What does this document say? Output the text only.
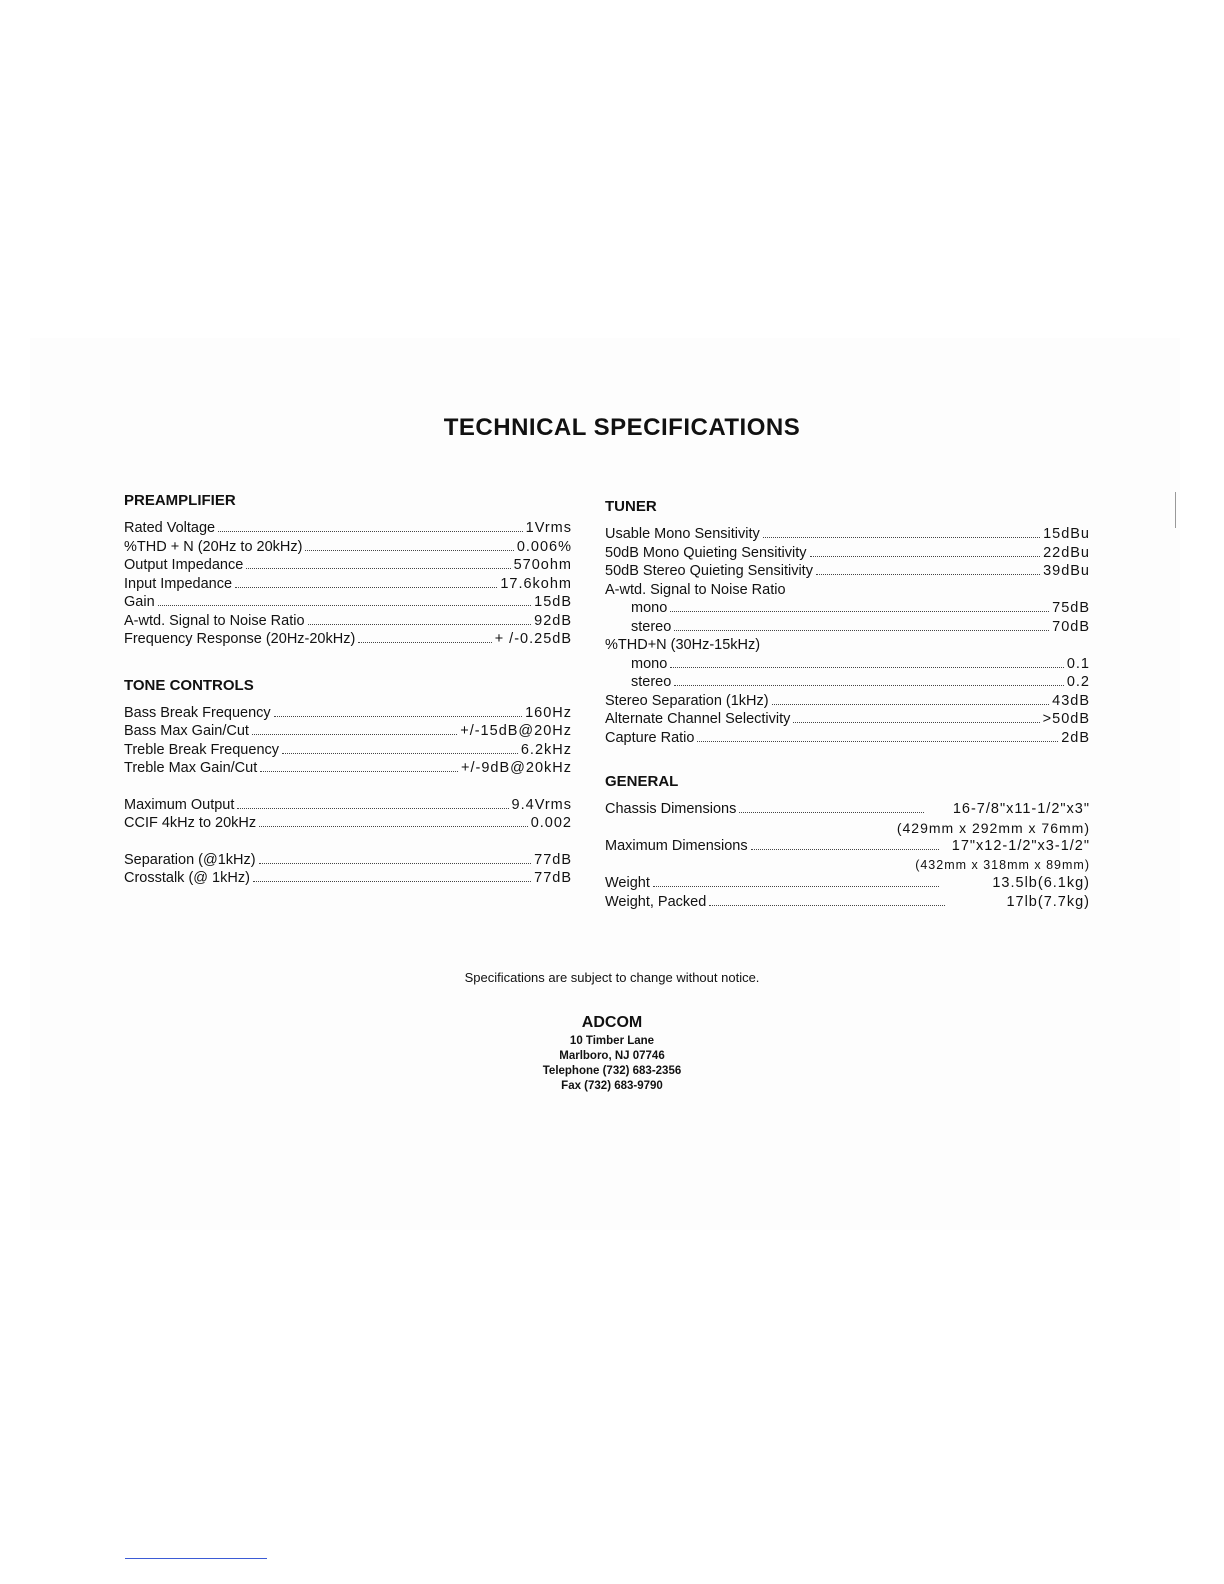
TECHNICAL SPECIFICATIONS
PREAMPLIFIER
Rated Voltage	1Vrms
%THD + N (20Hz to 20kHz)	0.006%
Output Impedance	570ohm
Input Impedance	17.6kohm
Gain	15dB
A-wtd. Signal to Noise Ratio	92dB
Frequency Response (20Hz-20kHz)	+ /-0.25dB
TONE CONTROLS
Bass Break Frequency	160Hz
Bass Max Gain/Cut	+/-15dB@20Hz
Treble Break Frequency	6.2kHz
Treble Max Gain/Cut	+/-9dB@20kHz
Maximum Output	9.4Vrms
CCIF 4kHz to 20kHz	0.002
Separation (@1kHz)	77dB
Crosstalk (@ 1kHz)	77dB
TUNER
Usable Mono Sensitivity	15dBu
50dB Mono Quieting Sensitivity	22dBu
50dB Stereo Quieting Sensitivity	39dBu
A-wtd. Signal to Noise Ratio
mono	75dB
stereo	70dB
%THD+N (30Hz-15kHz)
mono	0.1
stereo	0.2
Stereo Separation (1kHz)	43dB
Alternate Channel Selectivity	>50dB
Capture Ratio	2dB
GENERAL
Chassis Dimensions	16-7/8"x11-1/2"x3"
(429mm x 292mm x 76mm)
Maximum Dimensions	17"x12-1/2"x3-1/2"
(432mm x 318mm x 89mm)
Weight	13.5lb(6.1kg)
Weight, Packed	17lb(7.7kg)
Specifications are subject to change without notice.
ADCOM
10 Timber Lane
Marlboro, NJ 07746
Telephone (732) 683-2356
Fax (732) 683-9790
